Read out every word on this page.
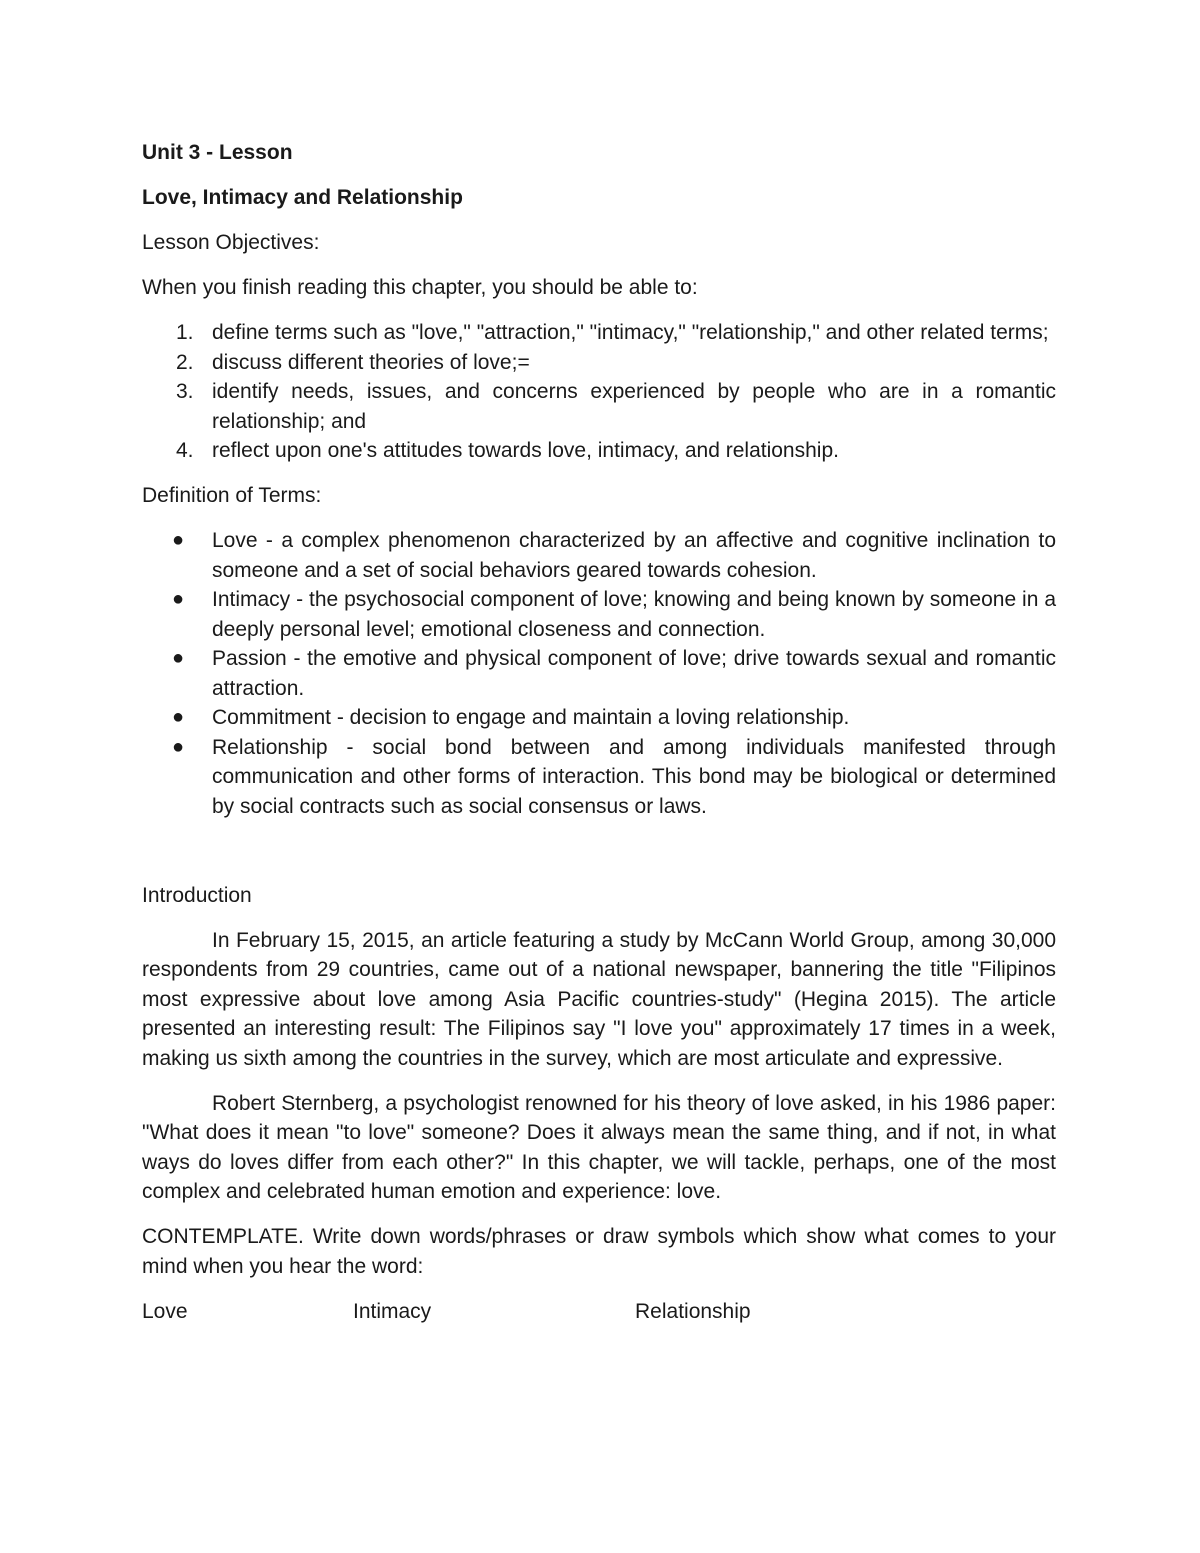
Unit 3 - Lesson

Love, Intimacy and Relationship

Lesson Objectives:

When you finish reading this chapter, you should be able to:

1. define terms such as "love," "attraction," "intimacy," "relationship," and other related terms;
2. discuss different theories of love;=
3. identify needs, issues, and concerns experienced by people who are in a romantic relationship; and
4. reflect upon one's attitudes towards love, intimacy, and relationship.

Definition of Terms:

● Love - a complex phenomenon characterized by an affective and cognitive inclination to someone and a set of social behaviors geared towards cohesion.
● Intimacy - the psychosocial component of love; knowing and being known by someone in a deeply personal level; emotional closeness and connection.
● Passion - the emotive and physical component of love; drive towards sexual and romantic attraction.
● Commitment - decision to engage and maintain a loving relationship.
● Relationship - social bond between and among individuals manifested through communication and other forms of interaction. This bond may be biological or determined by social contracts such as social consensus or laws.

Introduction

In February 15, 2015, an article featuring a study by McCann World Group, among 30,000 respondents from 29 countries, came out of a national newspaper, bannering the title "Filipinos most expressive about love among Asia Pacific countries-study" (Hegina 2015). The article presented an interesting result: The Filipinos say "I love you" approximately 17 times in a week, making us sixth among the countries in the survey, which are most articulate and expressive.

Robert Sternberg, a psychologist renowned for his theory of love asked, in his 1986 paper: "What does it mean "to love" someone? Does it always mean the same thing, and if not, in what ways do loves differ from each other?" In this chapter, we will tackle, perhaps, one of the most complex and celebrated human emotion and experience: love.

CONTEMPLATE. Write down words/phrases or draw symbols which show what comes to your mind when you hear the word:

Love	Intimacy	Relationship
